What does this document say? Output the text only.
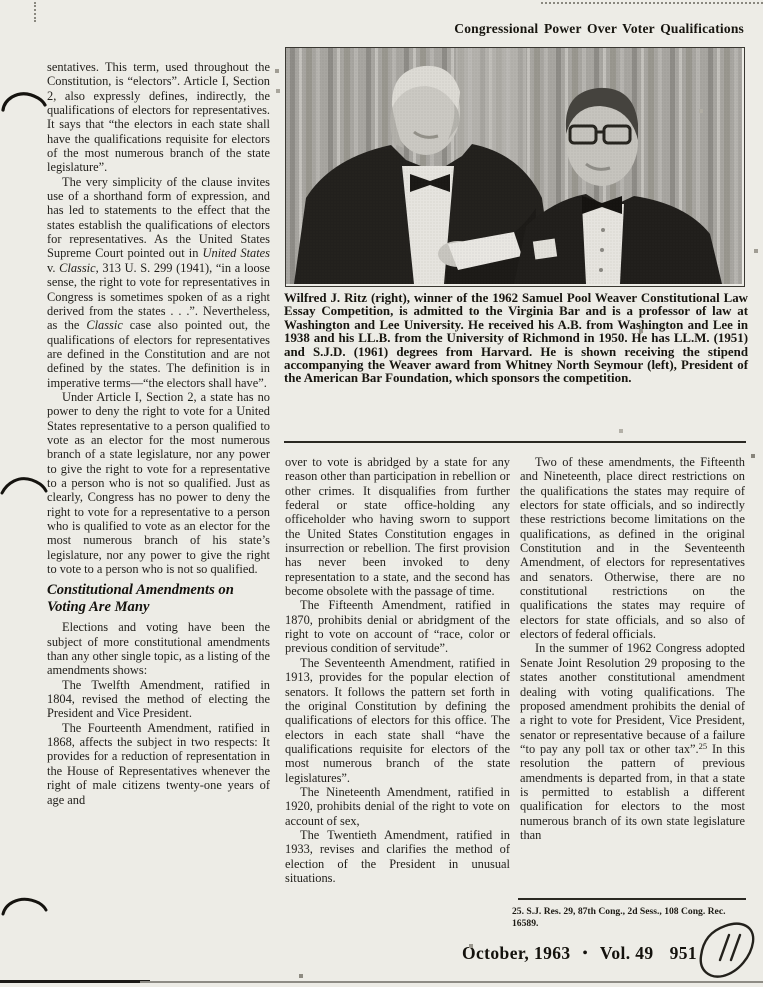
Congressional Power Over Voter Qualifications

sentatives. This term, used throughout the Constitution, is “electors”. Article I, Section 2, also expressly defines, indirectly, the qualifications of electors for representatives. It says that “the electors in each state shall have the qualifications requisite for electors of the most numerous branch of the state legislature”.

The very simplicity of the clause invites use of a shorthand form of expression, and has led to statements to the effect that the states establish the qualifications of electors for representatives. As the United States Supreme Court pointed out in United States v. Classic, 313 U. S. 299 (1941), “in a loose sense, the right to vote for representatives in Congress is sometimes spoken of as a right derived from the states . . .”. Nevertheless, as the Classic case also pointed out, the qualifications of electors for representatives are defined in the Constitution and are not defined by the states. The definition is in imperative terms—“the electors shall have”.

Under Article I, Section 2, a state has no power to deny the right to vote for a United States representative to a person qualified to vote as an elector for the most numerous branch of a state legislature, nor any power to give the right to vote for a representative to a person who is not so qualified. Just as clearly, Congress has no power to deny the right to vote for a representative to a person who is qualified to vote as an elector for the most numerous branch of his state’s legislature, nor any power to give the right to vote to a person who is not so qualified.

Constitutional Amendments on Voting Are Many

Elections and voting have been the subject of more constitutional amendments than any other single topic, as a listing of the amendments shows:

The Twelfth Amendment, ratified in 1804, revised the method of electing the President and Vice President.

The Fourteenth Amendment, ratified in 1868, affects the subject in two respects: It provides for a reduction of representation in the House of Representatives whenever the right of male citizens twenty-one years of age and

Wilfred J. Ritz (right), winner of the 1962 Samuel Pool Weaver Constitutional Law Essay Competition, is admitted to the Virginia Bar and is a professor of law at Washington and Lee University. He received his A.B. from Washington and Lee in 1938 and his LL.B. from the University of Richmond in 1950. He has LL.M. (1951) and S.J.D. (1961) degrees from Harvard. He is shown receiving the stipend accompanying the Weaver award from Whitney North Seymour (left), President of the American Bar Foundation, which sponsors the competition.

over to vote is abridged by a state for any reason other than participation in rebellion or other crimes. It disqualifies from further federal or state office-holding any officeholder who having sworn to support the United States Constitution engages in insurrection or rebellion. The first provision has never been invoked to deny representation to a state, and the second has become obsolete with the passage of time.

The Fifteenth Amendment, ratified in 1870, prohibits denial or abridgment of the right to vote on account of “race, color or previous condition of servitude”.

The Seventeenth Amendment, ratified in 1913, provides for the popular election of senators. It follows the pattern set forth in the original Constitution by defining the qualifications of electors for this office. The electors in each state shall “have the qualifications requisite for electors of the most numerous branch of the state legislatures”.

The Nineteenth Amendment, ratified in 1920, prohibits denial of the right to vote on account of sex,

The Twentieth Amendment, ratified in 1933, revises and clarifies the method of election of the President in unusual situations.

Two of these amendments, the Fifteenth and Nineteenth, place direct restrictions on the qualifications the states may require of electors for state officials, and so indirectly these restrictions become limitations on the qualifications, as defined in the original Constitution and in the Seventeenth Amendment, of electors for representatives and senators. Otherwise, there are no constitutional restrictions on the qualifications the states may require of electors for state officials, and so also of electors of federal officials.

In the summer of 1962 Congress adopted Senate Joint Resolution 29 proposing to the states another constitutional amendment dealing with voting qualifications. The proposed amendment prohibits the denial of a right to vote for President, Vice President, senator or representative because of a failure “to pay any poll tax or other tax”.$^{25}$ In this resolution the pattern of previous amendments is departed from, in that a state is permitted to establish a different qualification for electors to the most numerous branch of its own state legislature than

25. S.J. Res. 29, 87th Cong., 2d Sess., 108 Cong. Rec. 16589.
October, 1963 • Vol. 49 951
